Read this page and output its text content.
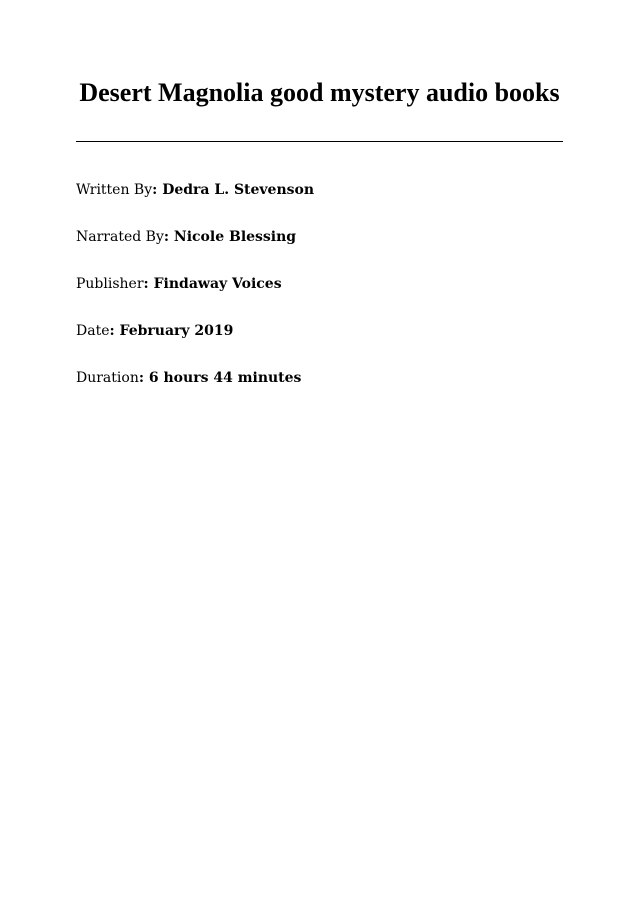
Desert Magnolia good mystery audio books
Written By: Dedra L. Stevenson
Narrated By: Nicole Blessing
Publisher: Findaway Voices
Date: February 2019
Duration: 6 hours 44 minutes
